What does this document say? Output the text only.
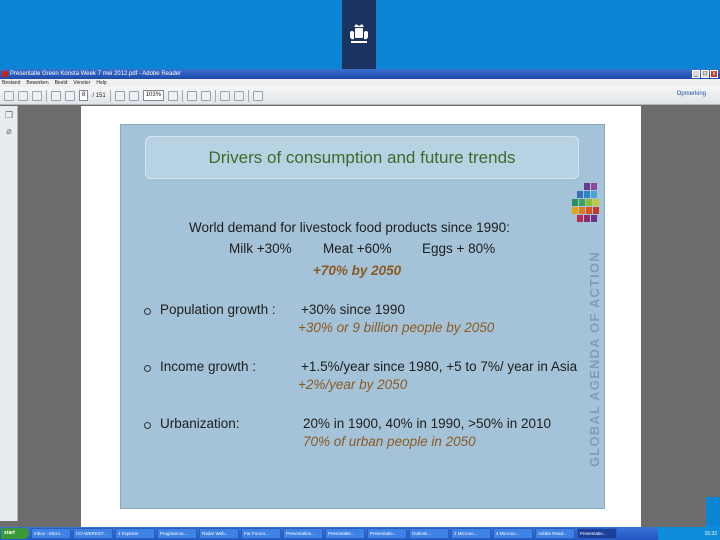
Presentatie Green Konsta Week 7 mei 2012.pdf - Adobe Reader	_ □ x
Bestand Bewerken Beeld Venster Help
8	/ 151	103%	Opmerking
❐
⌀
Drivers of consumption and future trends
GLOBAL AGENDA OF ACTION
World demand for livestock food products since 1990:
Milk +30% Meat +60% Eggs + 80%
+70% by 2050
Population growth : +30% since 1990
+30% or 9 billion people by 2050
Income growth :	+1.5%/year since 1980, +5 to 7%/ year in Asia
+2%/year by 2050
Urbanization:	20% in 1900, 40% in 1990, >50% in 2010
70% of urban people in 2050
start	Inbox - Micro...	CO-WERKST...	4 Explorer	Programma...	Radar Web...	Far Forum...	Presentaties...	Presentatie...	Presentatie...	Outlook...	2 Microso...	4 Microso...	Adobe Read...	Presentatie...	15:32
